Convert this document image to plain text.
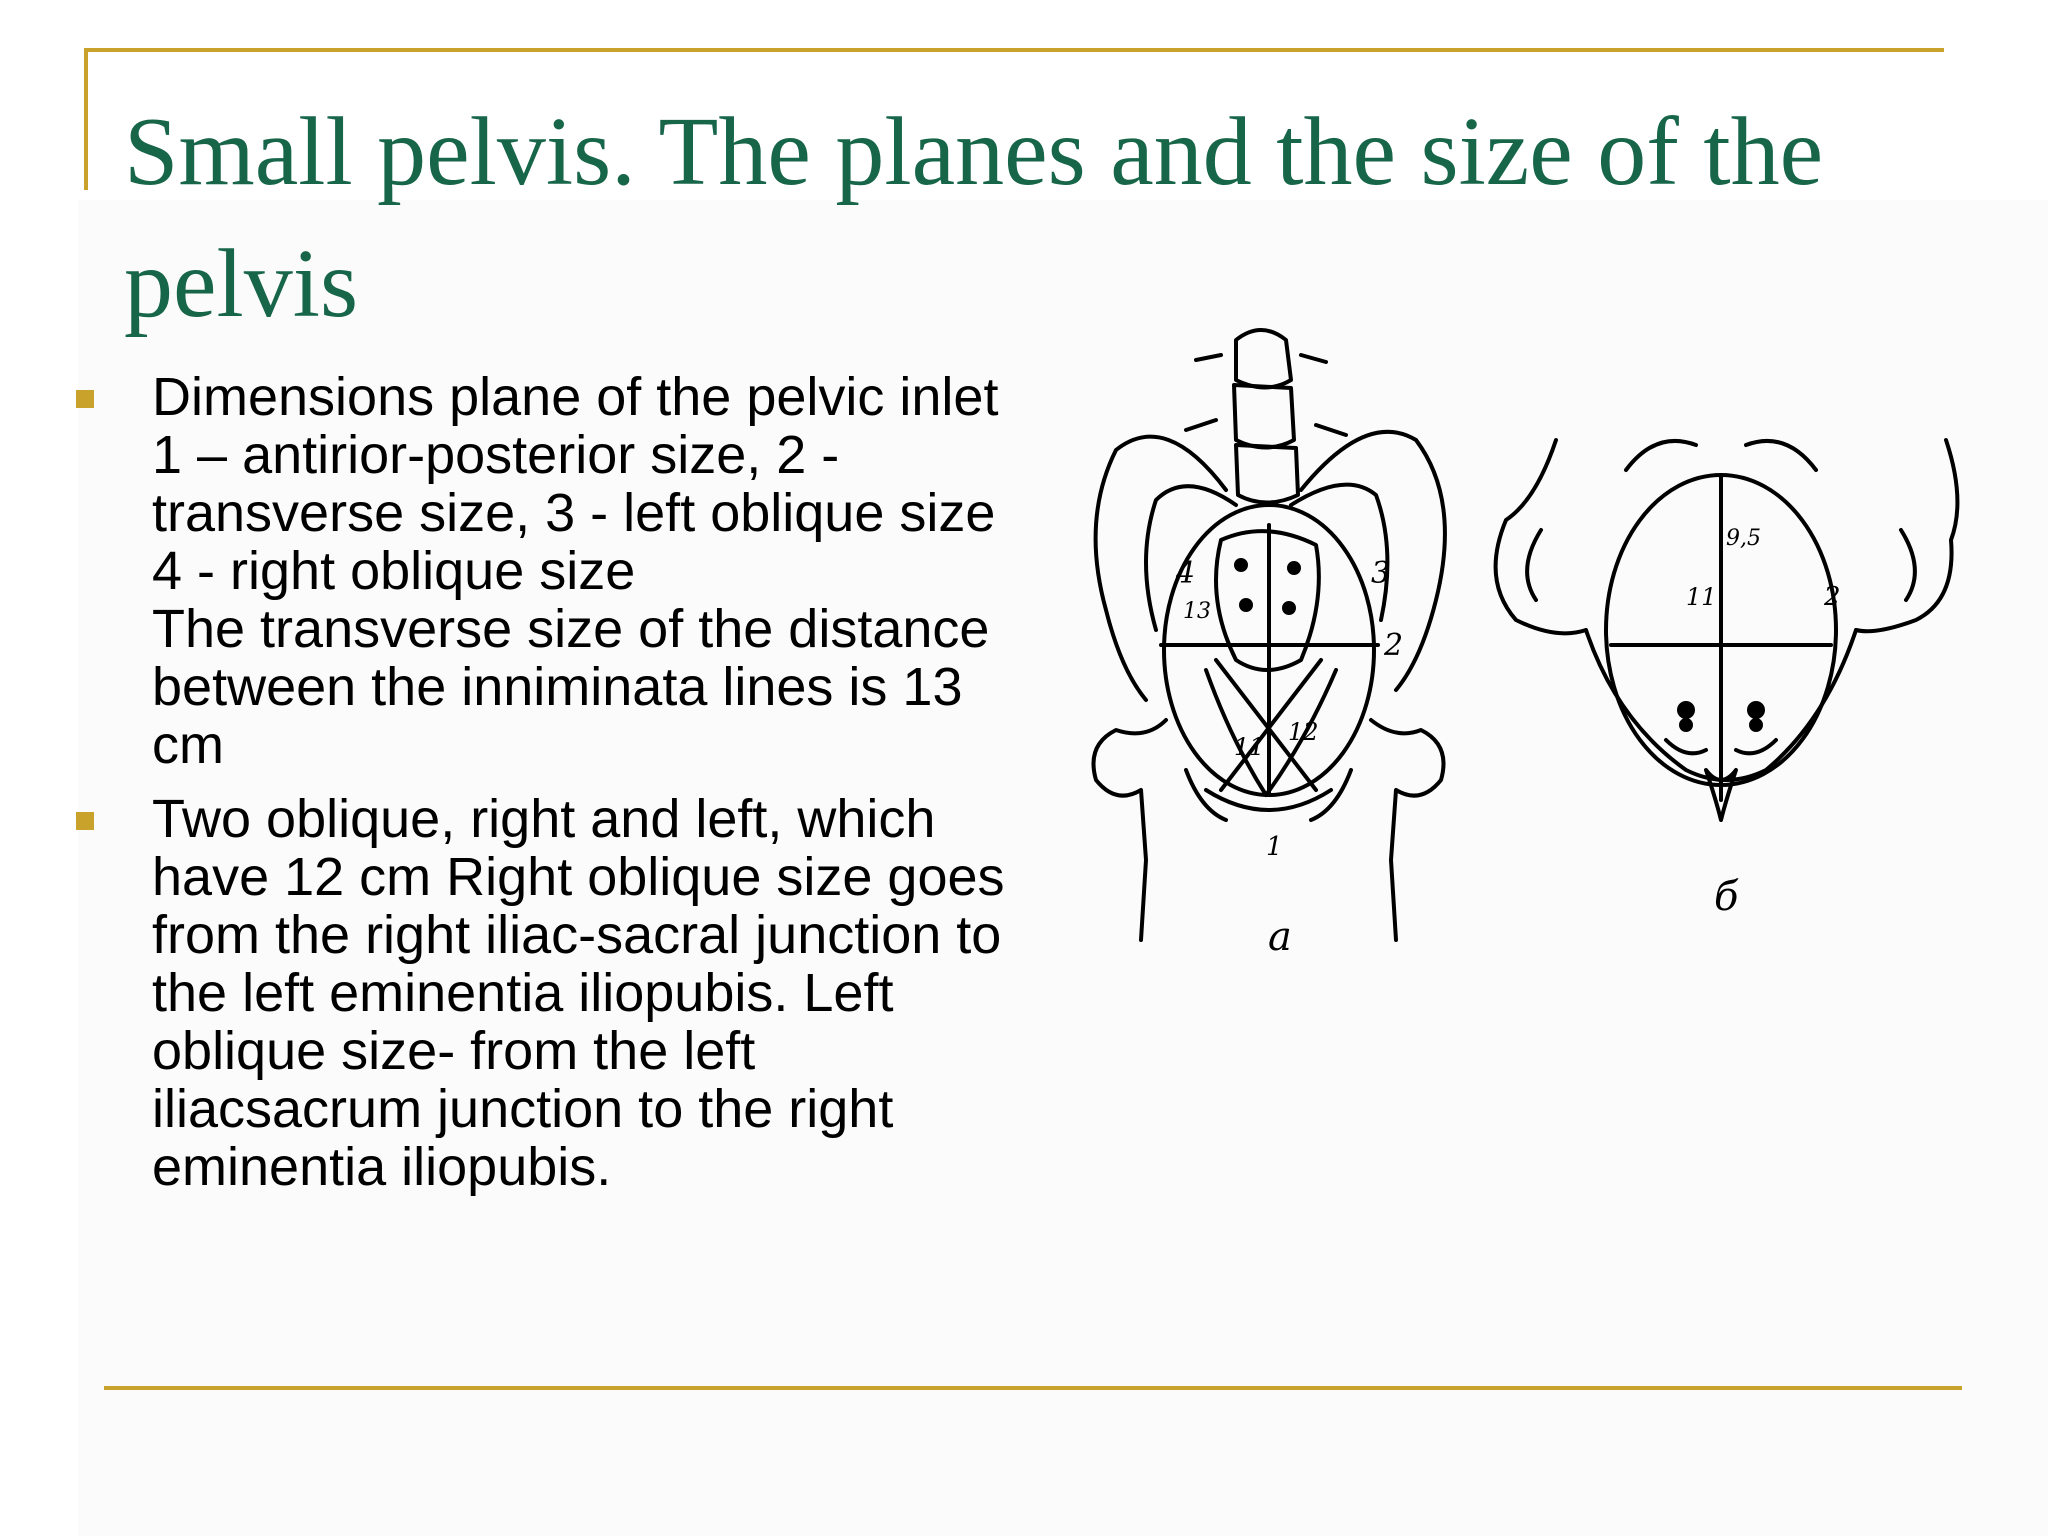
Small pelvis. The planes and the size of the pelvis
Dimensions plane of the pelvic inlet
1 – antirior-posterior size, 2 -
transverse size, 3 - left oblique size
4 - right oblique size
The transverse size of the distance
between the inniminata lines is 13
cm
Two oblique, right and left, which
have 12 cm Right oblique size goes
from the right iliac-sacral junction to
the left eminentia iliopubis. Left
oblique size- from the left
iliacsacrum junction to the right
eminentia iliopubis.
4	3
13
2
11
12
1
а
11
9,5
2
б
